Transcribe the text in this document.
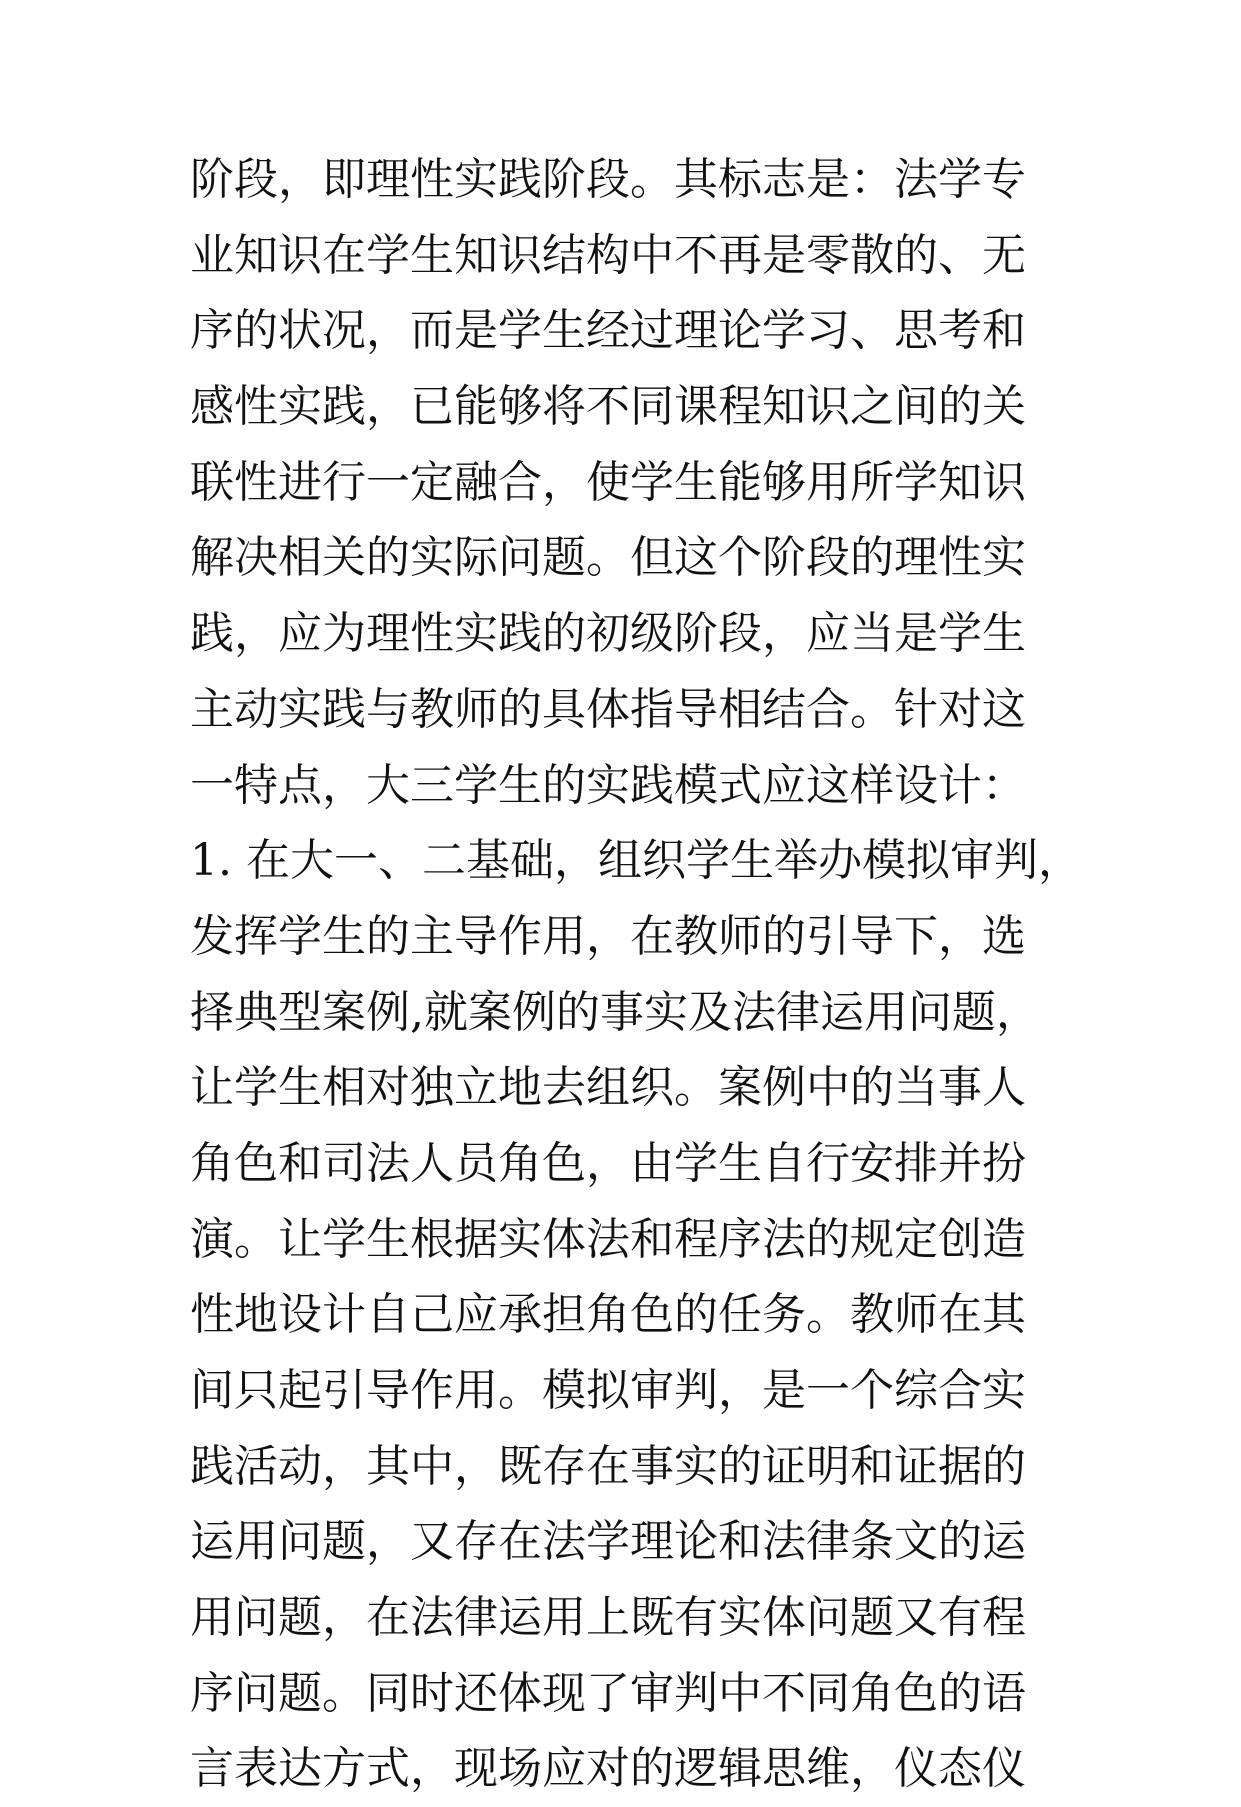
阶段，即理性实践阶段。其标志是：法学专
业知识在学生知识结构中不再是零散的、无
序的状况，而是学生经过理论学习、思考和
感性实践，已能够将不同课程知识之间的关
联性进行一定融合，使学生能够用所学知识
解决相关的实际问题。但这个阶段的理性实
践，应为理性实践的初级阶段，应当是学生
主动实践与教师的具体指导相结合。针对这
一特点，大三学生的实践模式应这样设计：
1. 在大一、二基础，组织学生举办模拟审判，
发挥学生的主导作用，在教师的引导下，选
择典型案例,就案例的事实及法律运用问题，
让学生相对独立地去组织。案例中的当事人
角色和司法人员角色，由学生自行安排并扮
演。让学生根据实体法和程序法的规定创造
性地设计自己应承担角色的任务。教师在其
间只起引导作用。模拟审判，是一个综合实
践活动，其中，既存在事实的证明和证据的
运用问题，又存在法学理论和法律条文的运
用问题，在法律运用上既有实体问题又有程
序问题。同时还体现了审判中不同角色的语
言表达方式，现场应对的逻辑思维，仪态仪
